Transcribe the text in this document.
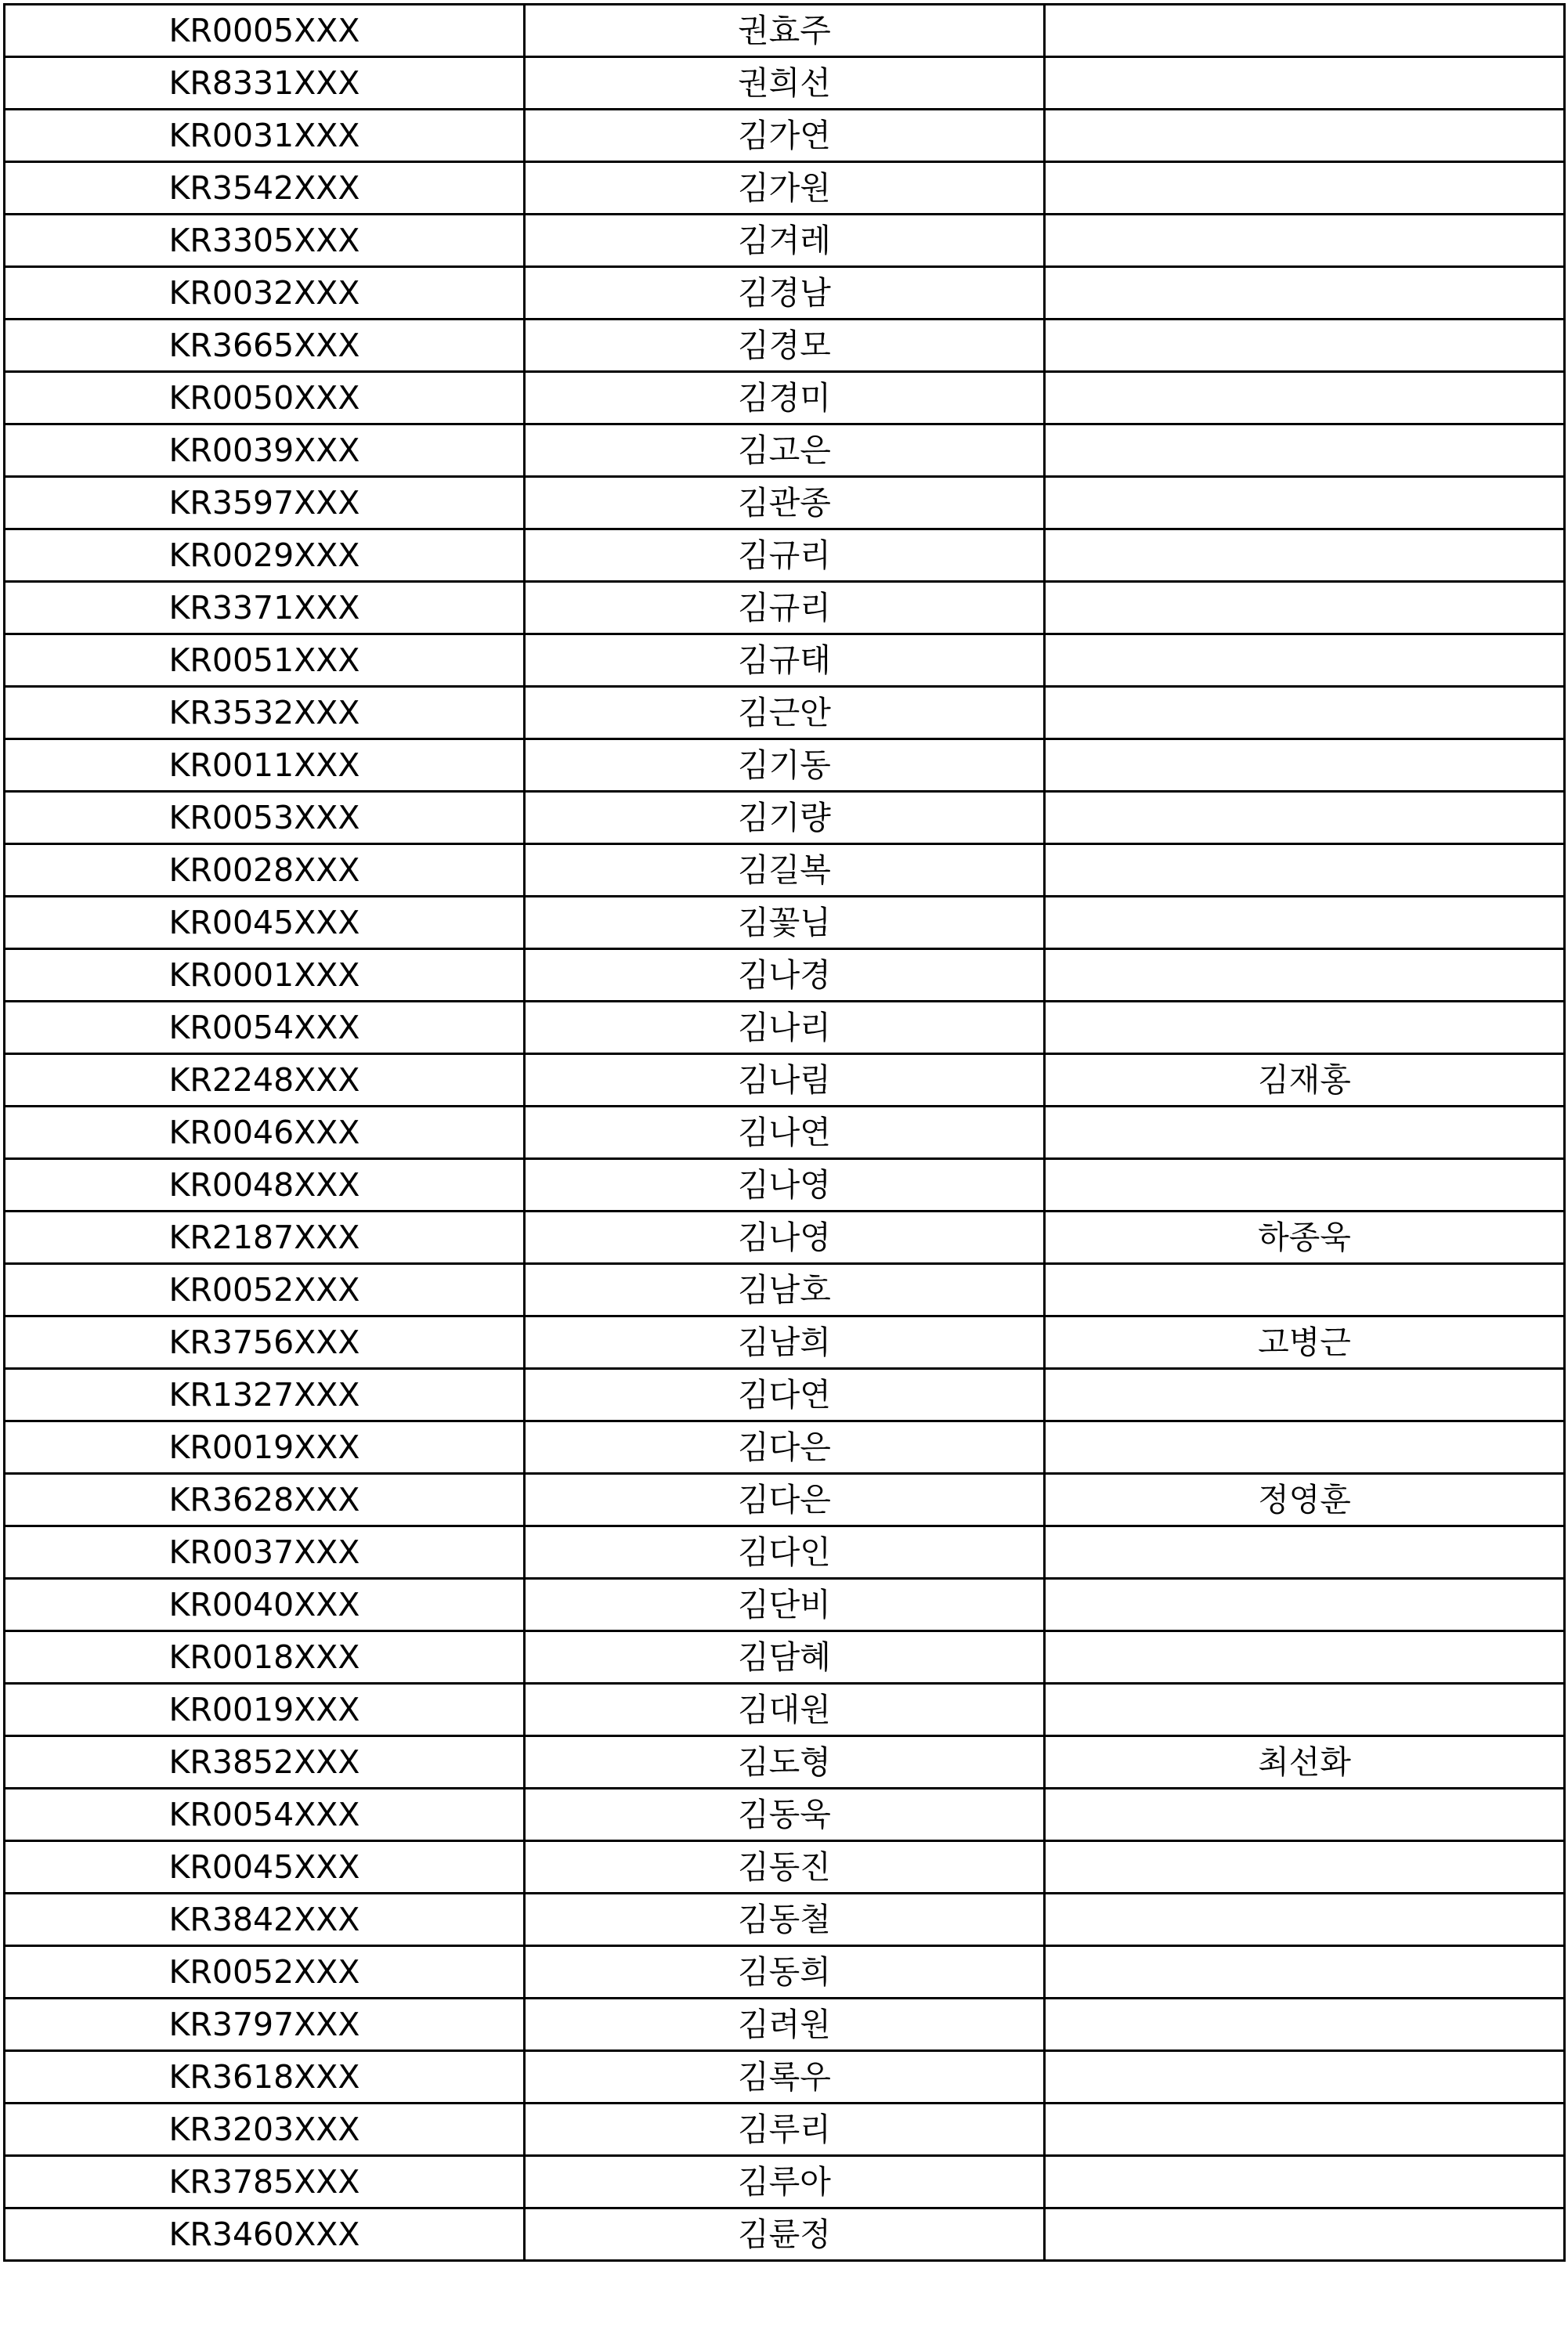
KR0005XXX	권효주	
KR8331XXX	권희선	
KR0031XXX	김가연	
KR3542XXX	김가원	
KR3305XXX	김겨레	
KR0032XXX	김경남	
KR3665XXX	김경모	
KR0050XXX	김경미	
KR0039XXX	김고은	
KR3597XXX	김관종	
KR0029XXX	김규리	
KR3371XXX	김규리	
KR0051XXX	김규태	
KR3532XXX	김근안	
KR0011XXX	김기동	
KR0053XXX	김기량	
KR0028XXX	김길복	
KR0045XXX	김꽃님	
KR0001XXX	김나경	
KR0054XXX	김나리	
KR2248XXX	김나림	김재홍
KR0046XXX	김나연	
KR0048XXX	김나영	
KR2187XXX	김나영	하종욱
KR0052XXX	김남호	
KR3756XXX	김남희	고병근
KR1327XXX	김다연	
KR0019XXX	김다은	
KR3628XXX	김다은	정영훈
KR0037XXX	김다인	
KR0040XXX	김단비	
KR0018XXX	김담혜	
KR0019XXX	김대원	
KR3852XXX	김도형	최선화
KR0054XXX	김동욱	
KR0045XXX	김동진	
KR3842XXX	김동철	
KR0052XXX	김동희	
KR3797XXX	김려원	
KR3618XXX	김록우	
KR3203XXX	김루리	
KR3785XXX	김루아	
KR3460XXX	김륜정	
